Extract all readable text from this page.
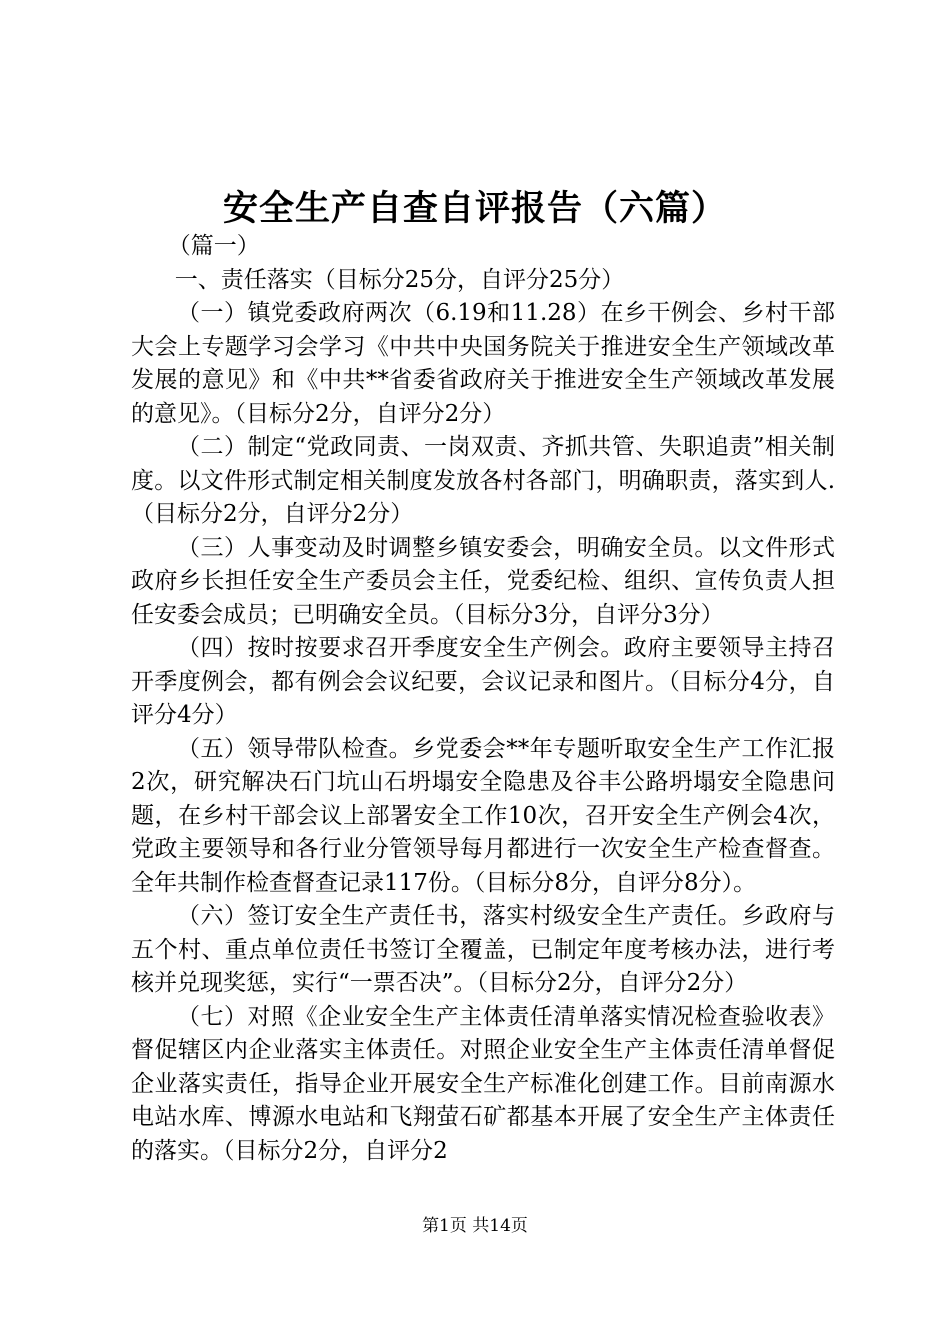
安全生产自查自评报告（六篇）

（篇一）

一、责任落实（目标分25分，自评分25分）

（一）镇党委政府两次（6.19和11.28）在乡干例会、乡村干部大会上专题学习会学习《中共中央国务院关于推进安全生产领域改革发展的意见》和《中共**省委省政府关于推进安全生产领域改革发展的意见》。（目标分2分，自评分2分）

（二）制定“党政同责、一岗双责、齐抓共管、失职追责”相关制度。以文件形式制定相关制度发放各村各部门，明确职责，落实到人.（目标分2分，自评分2分）

（三）人事变动及时调整乡镇安委会，明确安全员。以文件形式政府乡长担任安全生产委员会主任，党委纪检、组织、宣传负责人担任安委会成员；已明确安全员。（目标分3分，自评分3分）

（四）按时按要求召开季度安全生产例会。政府主要领导主持召开季度例会，都有例会会议纪要，会议记录和图片。（目标分4分，自评分4分）

（五）领导带队检查。乡党委会**年专题听取安全生产工作汇报2次，研究解决石门坑山石坍塌安全隐患及谷丰公路坍塌安全隐患问题，在乡村干部会议上部署安全工作10次，召开安全生产例会4次，党政主要领导和各行业分管领导每月都进行一次安全生产检查督查。全年共制作检查督查记录117份。（目标分8分，自评分8分）。

（六）签订安全生产责任书，落实村级安全生产责任。乡政府与五个村、重点单位责任书签订全覆盖，已制定年度考核办法，进行考核并兑现奖惩，实行“一票否决”。（目标分2分，自评分2分）

（七）对照《企业安全生产主体责任清单落实情况检查验收表》督促辖区内企业落实主体责任。对照企业安全生产主体责任清单督促企业落实责任，指导企业开展安全生产标准化创建工作。目前南源水电站水库、博源水电站和飞翔萤石矿都基本开展了安全生产主体责任的落实。（目标分2分，自评分2

第1页 共14页
